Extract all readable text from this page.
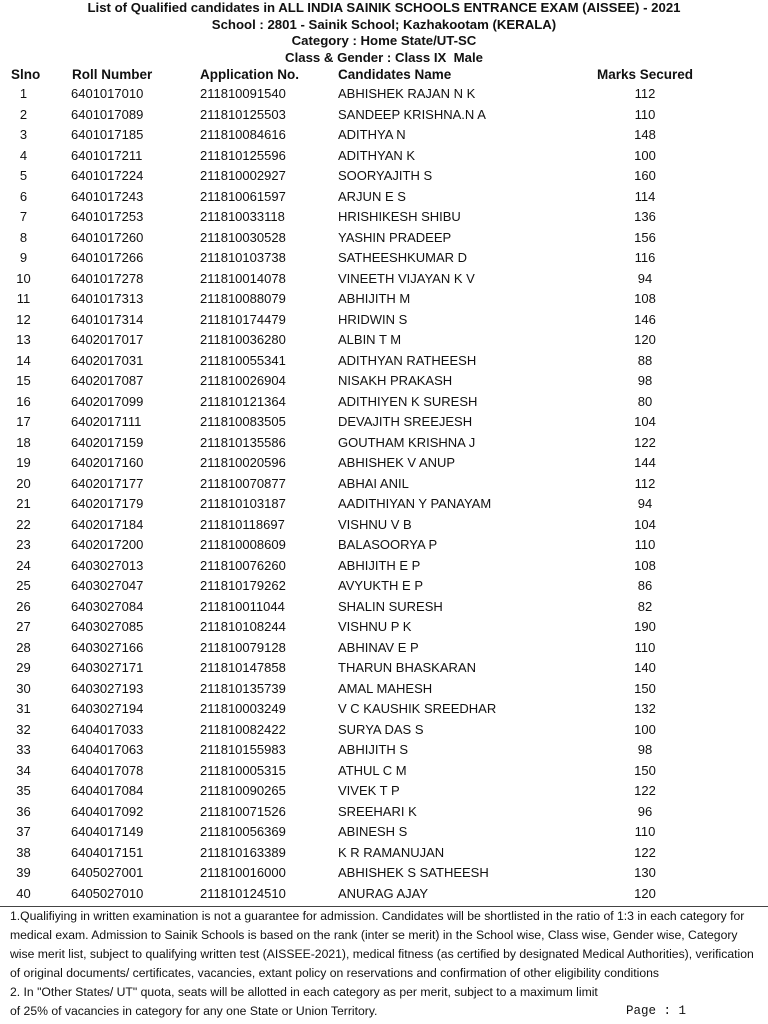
List of Qualified candidates in ALL INDIA SAINIK SCHOOLS ENTRANCE EXAM (AISSEE) - 2021
School : 2801 - Sainik School; Kazhakootam (KERALA)
Category : Home State/UT-SC
Class & Gender : Class IX  Male
Slno	Roll Number	Application No.	Candidates Name	Marks Secured
1	6401017010	211810091540	ABHISHEK RAJAN N K	112
2	6401017089	211810125503	SANDEEP KRISHNA.N A	110
3	6401017185	211810084616	ADITHYA N	148
4	6401017211	211810125596	ADITHYAN K	100
5	6401017224	211810002927	SOORYAJITH S	160
6	6401017243	211810061597	ARJUN E S	114
7	6401017253	211810033118	HRISHIKESH SHIBU	136
8	6401017260	211810030528	YASHIN PRADEEP	156
9	6401017266	211810103738	SATHEESHKUMAR D	116
10	6401017278	211810014078	VINEETH VIJAYAN K V	94
11	6401017313	211810088079	ABHIJITH M	108
12	6401017314	211810174479	HRIDWIN S	146
13	6402017017	211810036280	ALBIN T M	120
14	6402017031	211810055341	ADITHYAN RATHEESH	88
15	6402017087	211810026904	NISAKH PRAKASH	98
16	6402017099	211810121364	ADITHIYEN K SURESH	80
17	6402017111	211810083505	DEVAJITH SREEJESH	104
18	6402017159	211810135586	GOUTHAM KRISHNA J	122
19	6402017160	211810020596	ABHISHEK V ANUP	144
20	6402017177	211810070877	ABHAI ANIL	112
21	6402017179	211810103187	AADITHIYAN Y PANAYAM	94
22	6402017184	211810118697	VISHNU V B	104
23	6402017200	211810008609	BALASOORYA P	110
24	6403027013	211810076260	ABHIJITH E P	108
25	6403027047	211810179262	AVYUKTH E P	86
26	6403027084	211810011044	SHALIN SURESH	82
27	6403027085	211810108244	VISHNU P K	190
28	6403027166	211810079128	ABHINAV E P	110
29	6403027171	211810147858	THARUN BHASKARAN	140
30	6403027193	211810135739	AMAL MAHESH	150
31	6403027194	211810003249	V C KAUSHIK SREEDHAR	132
32	6404017033	211810082422	SURYA DAS S	100
33	6404017063	211810155983	ABHIJITH S	98
34	6404017078	211810005315	ATHUL C M	150
35	6404017084	211810090265	VIVEK T P	122
36	6404017092	211810071526	SREEHARI K	96
37	6404017149	211810056369	ABINESH S	110
38	6404017151	211810163389	K R RAMANUJAN	122
39	6405027001	211810016000	ABHISHEK S SATHEESH	130
40	6405027010	211810124510	ANURAG AJAY	120

1.Qualifiying in written examination is not a guarantee for admission. Candidates will be shortlisted in the ratio of 1:3 in each category for medical exam. Admission to Sainik Schools is based on the rank (inter se merit) in the School wise, Class wise, Gender wise, Category wise merit list, subject to qualifying written test (AISSEE-2021), medical fitness (as certified by designated Medical Authorities), verification of original documents/ certificates, vacancies, extant policy on reservations and confirmation of other eligibility conditions

2. In "Other States/ UT" quota, seats will be allotted in each category as per merit, subject to a maximum limit of 25% of vacancies in category for any one State or Union Territory.	Page : 1
